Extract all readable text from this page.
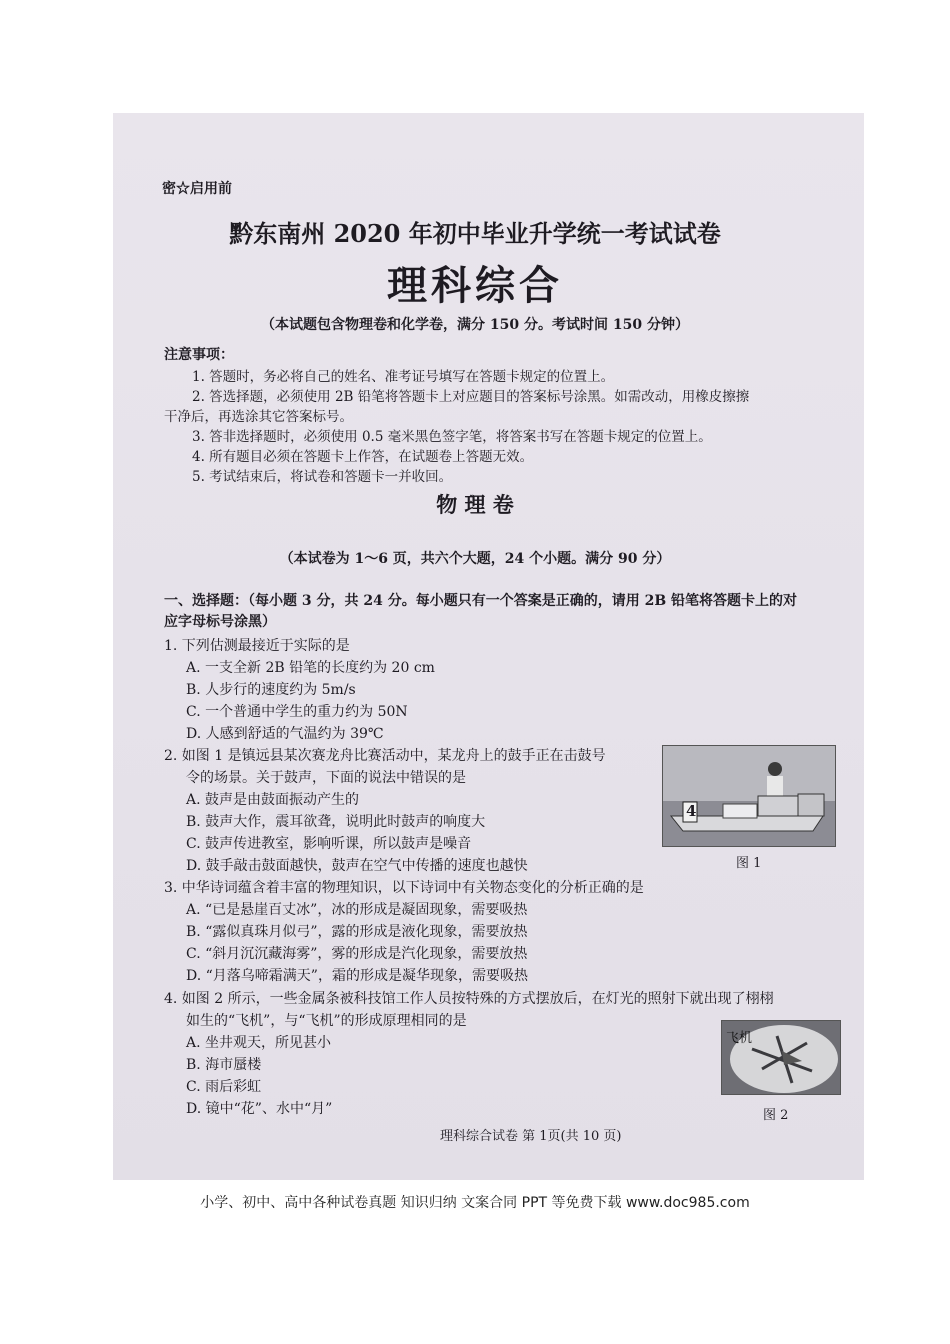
密☆启用前
黔东南州 2020 年初中毕业升学统一考试试卷
理科综合
（本试题包含物理卷和化学卷，满分 150 分。考试时间 150 分钟）
注意事项：
1. 答题时，务必将自己的姓名、准考证号填写在答题卡规定的位置上。
2. 答选择题，必须使用 2B 铅笔将答题卡上对应题目的答案标号涂黑。如需改动，用橡皮擦擦
干净后，再选涂其它答案标号。
3. 答非选择题时，必须使用 0.5 毫米黑色签字笔，将答案书写在答题卡规定的位置上。
4. 所有题目必须在答题卡上作答，在试题卷上答题无效。
5. 考试结束后，将试卷和答题卡一并收回。
物 理 卷
（本试卷为 1～6 页，共六个大题，24 个小题。满分 90 分）
一、选择题：（每小题 3 分，共 24 分。每小题只有一个答案是正确的，请用 2B 铅笔将答题卡上的对
应字母标号涂黑）
1. 下列估测最接近于实际的是
A. 一支全新 2B 铅笔的长度约为 20 cm
B. 人步行的速度约为 5m/s
C. 一个普通中学生的重力约为 50N
D. 人感到舒适的气温约为 39℃
2. 如图 1 是镇远县某次赛龙舟比赛活动中，某龙舟上的鼓手正在击鼓号
令的场景。关于鼓声，下面的说法中错误的是
A. 鼓声是由鼓面振动产生的
B. 鼓声大作，震耳欲聋，说明此时鼓声的响度大
C. 鼓声传进教室，影响听课，所以鼓声是噪音
D. 鼓手敲击鼓面越快，鼓声在空气中传播的速度也越快
4
图 1
3. 中华诗词蕴含着丰富的物理知识，以下诗词中有关物态变化的分析正确的是
A. “已是悬崖百丈冰”，冰的形成是凝固现象，需要吸热
B. “露似真珠月似弓”，露的形成是液化现象，需要放热
C. “斜月沉沉藏海雾”，雾的形成是汽化现象，需要放热
D. “月落乌啼霜满天”，霜的形成是凝华现象，需要吸热
4. 如图 2 所示，一些金属条被科技馆工作人员按特殊的方式摆放后，在灯光的照射下就出现了栩栩
如生的“飞机”，与“飞机”的形成原理相同的是
A. 坐井观天，所见甚小
B. 海市蜃楼
C. 雨后彩虹
D. 镜中“花”、水中“月”
飞机
图 2
理科综合试卷 第 1页(共 10 页)
小学、初中、高中各种试卷真题 知识归纳 文案合同 PPT 等免费下载 www.doc985.com
